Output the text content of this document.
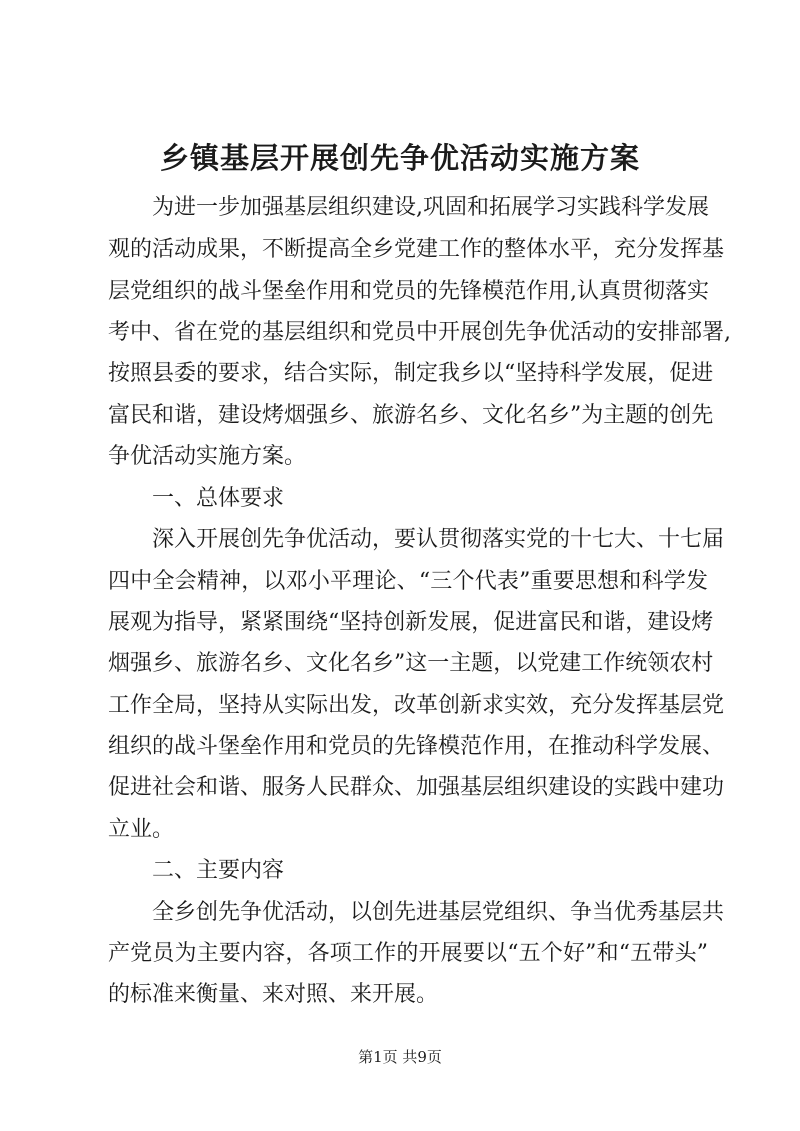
乡镇基层开展创先争优活动实施方案

为进一步加强基层组织建设,巩固和拓展学习实践科学发展

观的活动成果，不断提高全乡党建工作的整体水平，充分发挥基

层党组织的战斗堡垒作用和党员的先锋模范作用,认真贯彻落实

考中、省在党的基层组织和党员中开展创先争优活动的安排部署,

按照县委的要求，结合实际，制定我乡以“坚持科学发展，促进

富民和谐，建设烤烟强乡、旅游名乡、文化名乡”为主题的创先

争优活动实施方案。

一、总体要求

深入开展创先争优活动，要认贯彻落实党的十七大、十七届

四中全会精神，以邓小平理论、“三个代表”重要思想和科学发

展观为指导，紧紧围绕“坚持创新发展，促进富民和谐，建设烤

烟强乡、旅游名乡、文化名乡”这一主题，以党建工作统领农村

工作全局，坚持从实际出发，改革创新求实效，充分发挥基层党

组织的战斗堡垒作用和党员的先锋模范作用，在推动科学发展、

促进社会和谐、服务人民群众、加强基层组织建设的实践中建功

立业。

二、主要内容

全乡创先争优活动，以创先进基层党组织、争当优秀基层共

产党员为主要内容，各项工作的开展要以“五个好”和“五带头”

的标准来衡量、来对照、来开展。

第1页 共9页
